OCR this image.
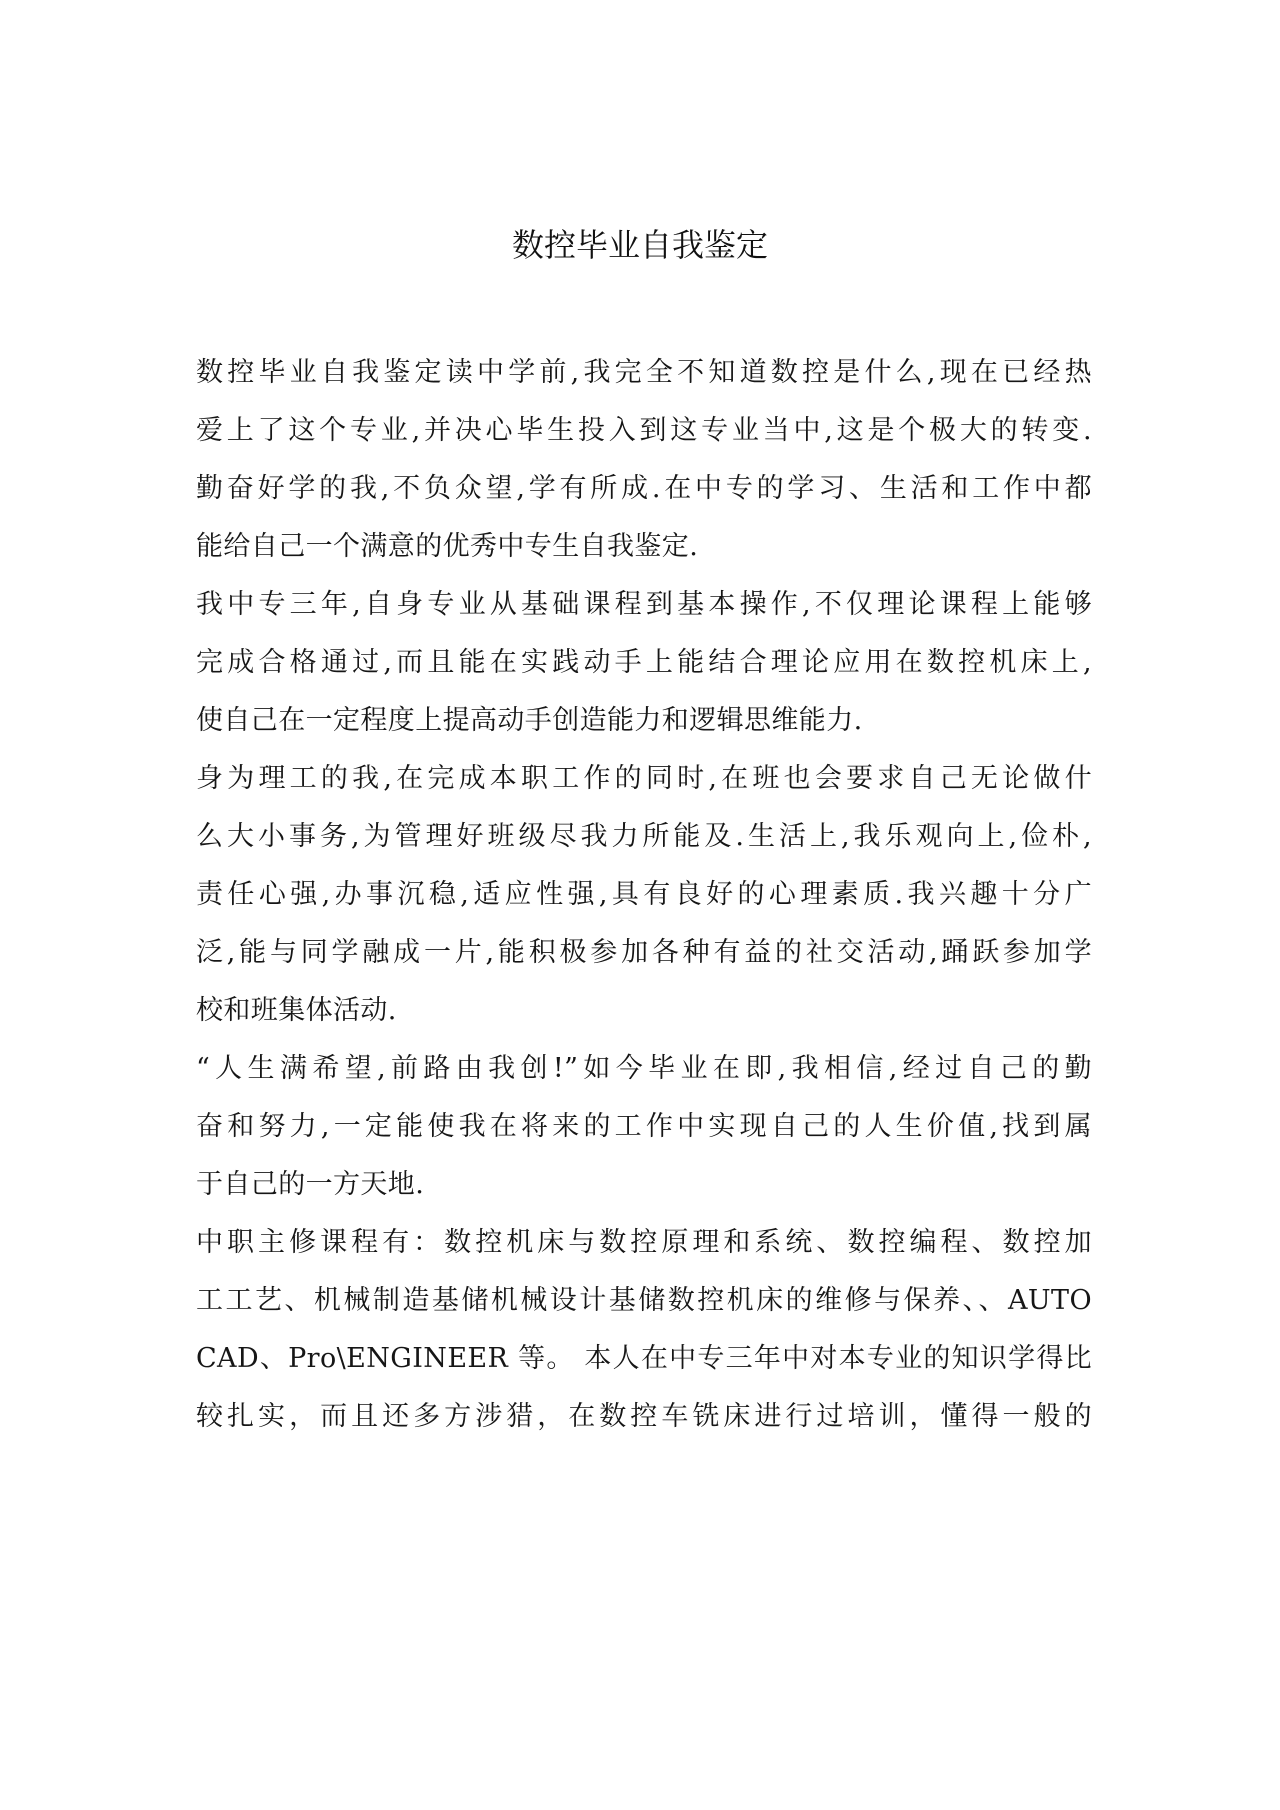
数控毕业自我鉴定
数控毕业自我鉴定读中学前,我完全不知道数控是什么,现在已经热
爱上了这个专业,并决心毕生投入到这专业当中,这是个极大的转变.
勤奋好学的我,不负众望,学有所成.在中专的学习、生活和工作中都
能给自己一个满意的优秀中专生自我鉴定.
我中专三年,自身专业从基础课程到基本操作,不仅理论课程上能够
完成合格通过,而且能在实践动手上能结合理论应用在数控机床上,
使自己在一定程度上提高动手创造能力和逻辑思维能力.
身为理工的我,在完成本职工作的同时,在班也会要求自己无论做什
么大小事务,为管理好班级尽我力所能及.生活上,我乐观向上,俭朴,
责任心强,办事沉稳,适应性强,具有良好的心理素质.我兴趣十分广
泛,能与同学融成一片,能积极参加各种有益的社交活动,踊跃参加学
校和班集体活动.
“人生满希望,前路由我创!”如今毕业在即,我相信,经过自己的勤
奋和努力,一定能使我在将来的工作中实现自己的人生价值,找到属
于自己的一方天地.
中职主修课程有：数控机床与数控原理和系统、数控编程、数控加
工工艺、机械制造基储机械设计基储数控机床的维修与保养、、AUTO
CAD、Pro\ENGINEER 等。 本人在中专三年中对本专业的知识学得比
较扎实，而且还多方涉猎，在数控车铣床进行过培训，懂得一般的
